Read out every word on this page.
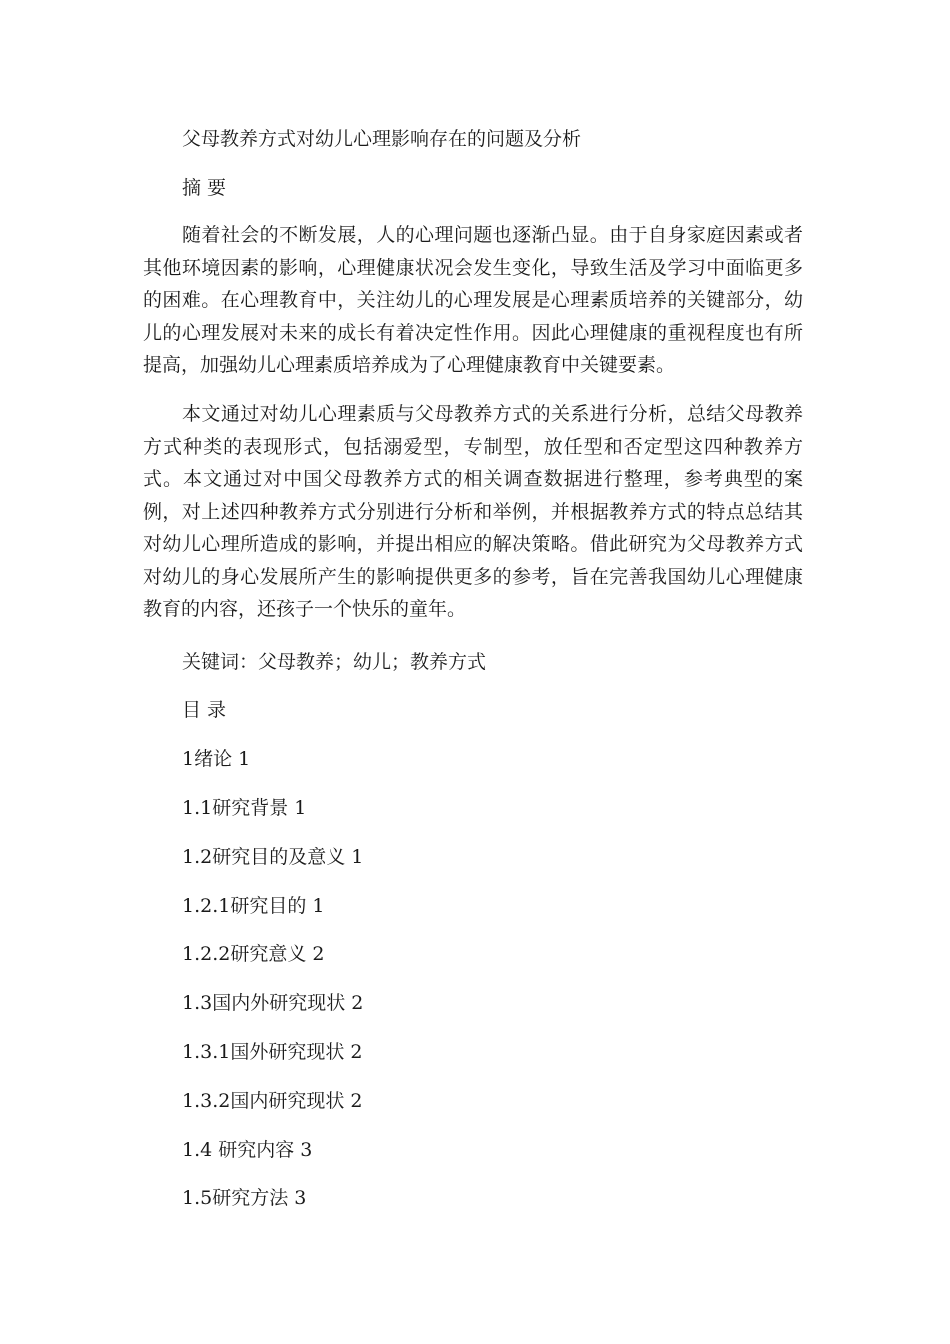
父母教养方式对幼儿心理影响存在的问题及分析
摘 要

随着社会的不断发展，人的心理问题也逐渐凸显。由于自身家庭因素或者其他环境因素的影响，心理健康状况会发生变化，导致生活及学习中面临更多的困难。在心理教育中，关注幼儿的心理发展是心理素质培养的关键部分，幼儿的心理发展对未来的成长有着决定性作用。因此心理健康的重视程度也有所提高，加强幼儿心理素质培养成为了心理健康教育中关键要素。

本文通过对幼儿心理素质与父母教养方式的关系进行分析，总结父母教养方式种类的表现形式，包括溺爱型，专制型，放任型和否定型这四种教养方式。本文通过对中国父母教养方式的相关调查数据进行整理，参考典型的案例，对上述四种教养方式分别进行分析和举例，并根据教养方式的特点总结其对幼儿心理所造成的影响，并提出相应的解决策略。借此研究为父母教养方式对幼儿的身心发展所产生的影响提供更多的参考，旨在完善我国幼儿心理健康教育的内容，还孩子一个快乐的童年。

关键词：父母教养；幼儿；教养方式
目 录
1绪论 1
1.1研究背景 1
1.2研究目的及意义 1
1.2.1研究目的 1
1.2.2研究意义 2
1.3国内外研究现状 2
1.3.1国外研究现状 2
1.3.2国内研究现状 2
1.4 研究内容 3
1.5研究方法 3
